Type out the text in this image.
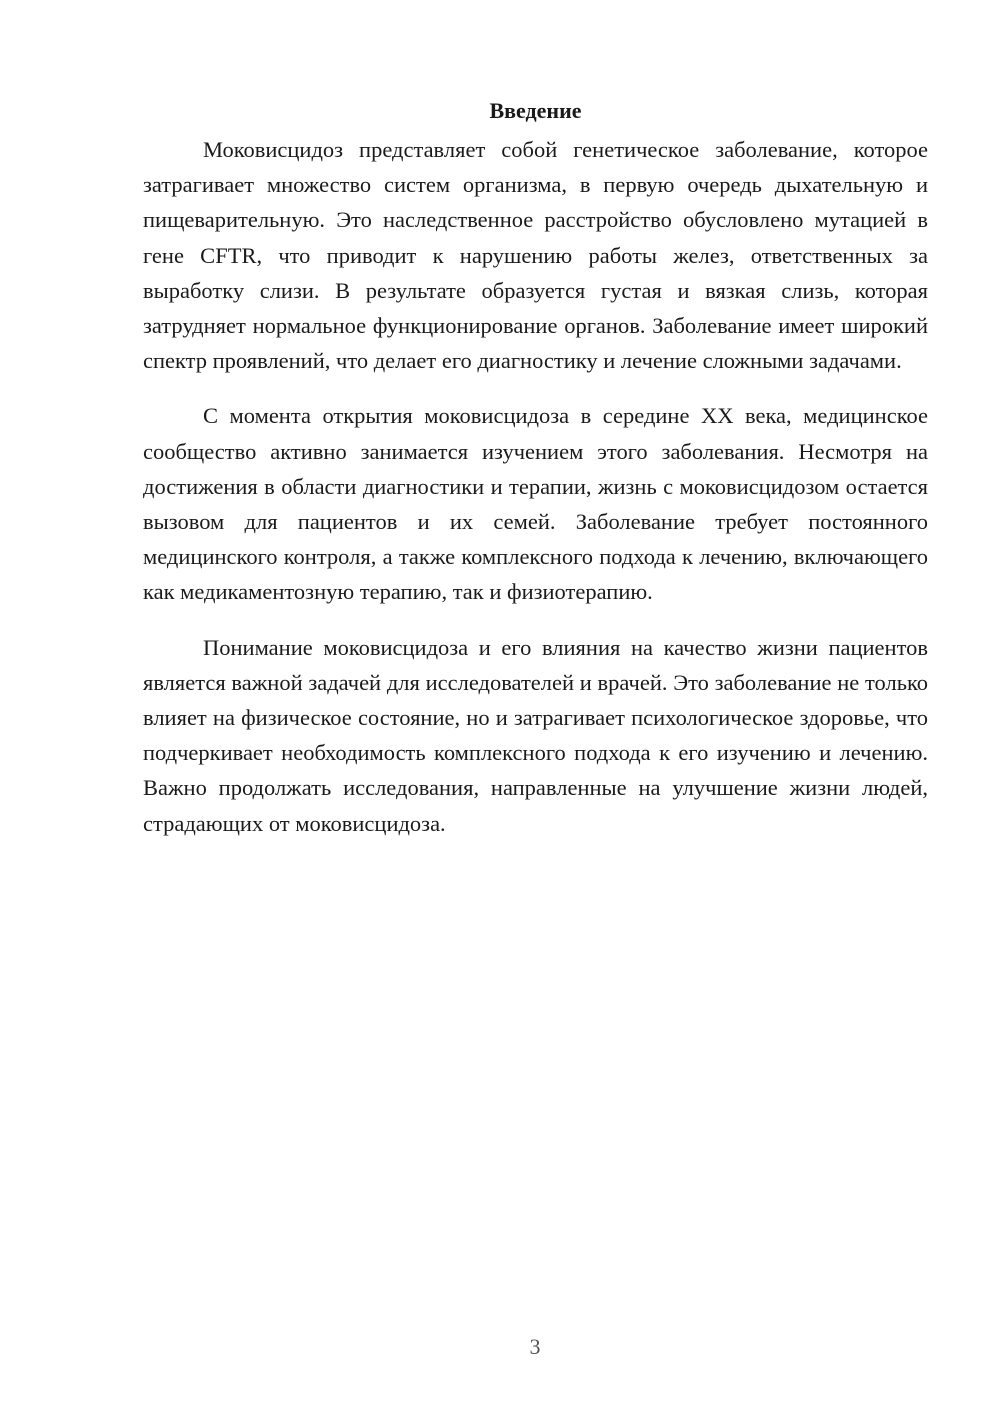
Введение

Моковисцидоз представляет собой генетическое заболевание, которое затрагивает множество систем организма, в первую очередь дыхательную и пищеварительную. Это наследственное расстройство обусловлено мутацией в гене CFTR, что приводит к нарушению работы желез, ответственных за выработку слизи. В результате образуется густая и вязкая слизь, которая затрудняет нормальное функционирование органов. Заболевание имеет широкий спектр проявлений, что делает его диагностику и лечение сложными задачами.

С момента открытия моковисцидоза в середине XX века, медицинское сообщество активно занимается изучением этого заболевания. Несмотря на достижения в области диагностики и терапии, жизнь с моковисцидозом остается вызовом для пациентов и их семей. Заболевание требует постоянного медицинского контроля, а также комплексного подхода к лечению, включающего как медикаментозную терапию, так и физиотерапию.

Понимание моковисцидоза и его влияния на качество жизни пациентов является важной задачей для исследователей и врачей. Это заболевание не только влияет на физическое состояние, но и затрагивает психологическое здоровье, что подчеркивает необходимость комплексного подхода к его изучению и лечению. Важно продолжать исследования, направленные на улучшение жизни людей, страдающих от моковисцидоза.

3
